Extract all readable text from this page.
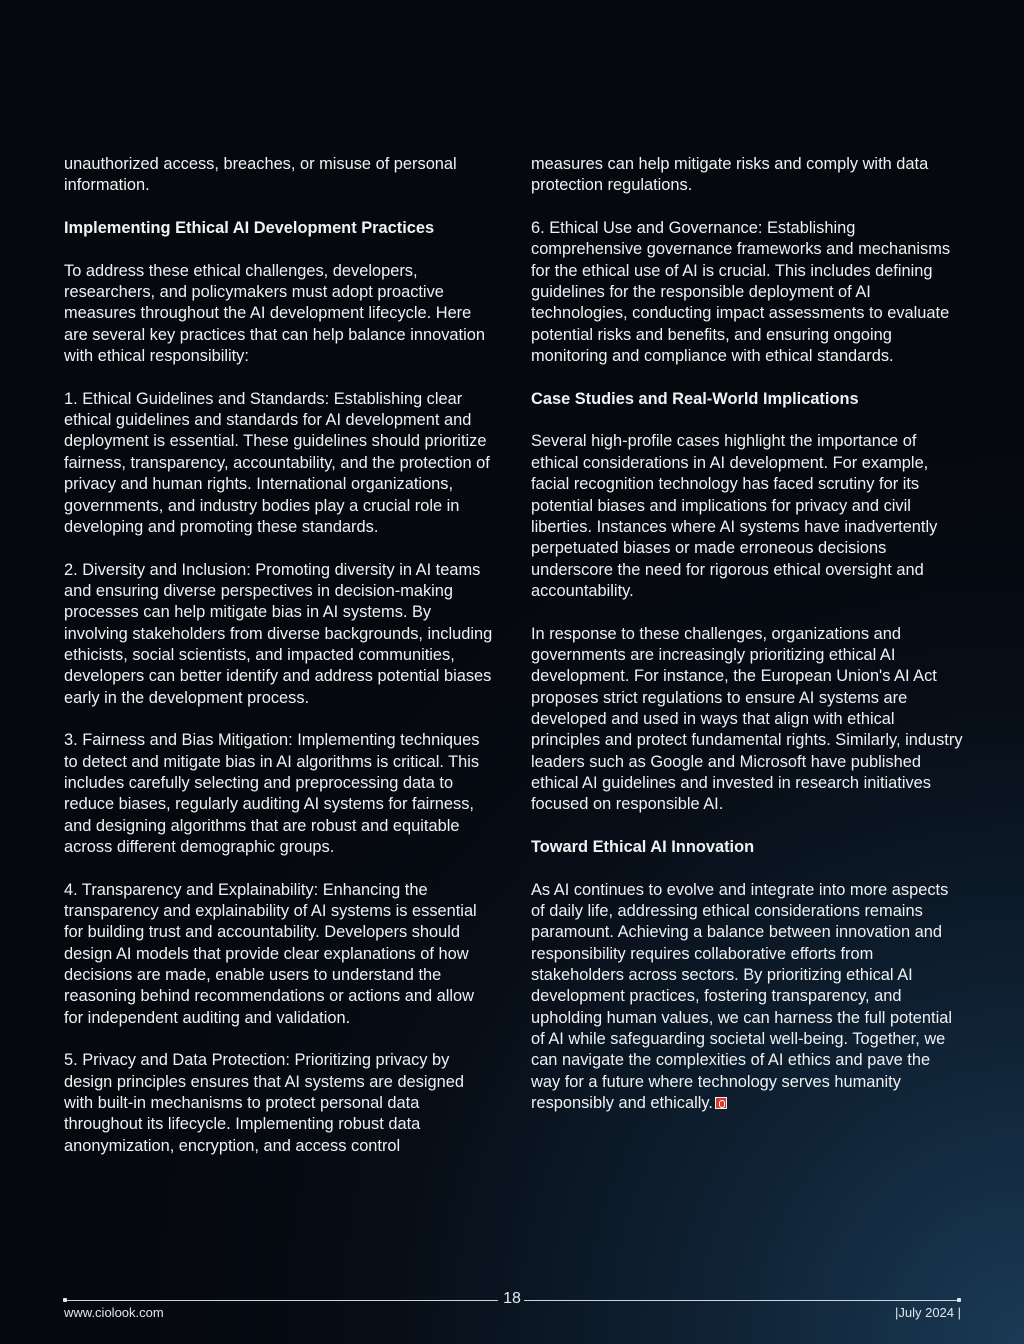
unauthorized access, breaches, or misuse of personal information.

Implementing Ethical AI Development Practices

To address these ethical challenges, developers, researchers, and policymakers must adopt proactive measures throughout the AI development lifecycle. Here are several key practices that can help balance innovation with ethical responsibility:

1. Ethical Guidelines and Standards: Establishing clear ethical guidelines and standards for AI development and deployment is essential. These guidelines should prioritize fairness, transparency, accountability, and the protection of privacy and human rights. International organizations, governments, and industry bodies play a crucial role in developing and promoting these standards.

2. Diversity and Inclusion: Promoting diversity in AI teams and ensuring diverse perspectives in decision-making processes can help mitigate bias in AI systems. By involving stakeholders from diverse backgrounds, including ethicists, social scientists, and impacted communities, developers can better identify and address potential biases early in the development process.

3. Fairness and Bias Mitigation: Implementing techniques to detect and mitigate bias in AI algorithms is critical. This includes carefully selecting and preprocessing data to reduce biases, regularly auditing AI systems for fairness, and designing algorithms that are robust and equitable across different demographic groups.

4. Transparency and Explainability: Enhancing the transparency and explainability of AI systems is essential for building trust and accountability. Developers should design AI models that provide clear explanations of how decisions are made, enable users to understand the reasoning behind recommendations or actions and allow for independent auditing and validation.

5. Privacy and Data Protection: Prioritizing privacy by design principles ensures that AI systems are designed with built-in mechanisms to protect personal data throughout its lifecycle. Implementing robust data anonymization, encryption, and access control

measures can help mitigate risks and comply with data protection regulations.

6. Ethical Use and Governance: Establishing comprehensive governance frameworks and mechanisms for the ethical use of AI is crucial. This includes defining guidelines for the responsible deployment of AI technologies, conducting impact assessments to evaluate potential risks and benefits, and ensuring ongoing monitoring and compliance with ethical standards.

Case Studies and Real-World Implications

Several high-profile cases highlight the importance of ethical considerations in AI development. For example, facial recognition technology has faced scrutiny for its potential biases and implications for privacy and civil liberties. Instances where AI systems have inadvertently perpetuated biases or made erroneous decisions underscore the need for rigorous ethical oversight and accountability.

In response to these challenges, organizations and governments are increasingly prioritizing ethical AI development. For instance, the European Union's AI Act proposes strict regulations to ensure AI systems are developed and used in ways that align with ethical principles and protect fundamental rights. Similarly, industry leaders such as Google and Microsoft have published ethical AI guidelines and invested in research initiatives focused on responsible AI.

Toward Ethical AI Innovation

As AI continues to evolve and integrate into more aspects of daily life, addressing ethical considerations remains paramount. Achieving a balance between innovation and responsibility requires collaborative efforts from stakeholders across sectors. By prioritizing ethical AI development practices, fostering transparency, and upholding human values, we can harness the full potential of AI while safeguarding societal well-being. Together, we can navigate the complexities of AI ethics and pave the way for a future where technology serves humanity responsibly and ethically.

18
www.ciolook.com	|July 2024 |
